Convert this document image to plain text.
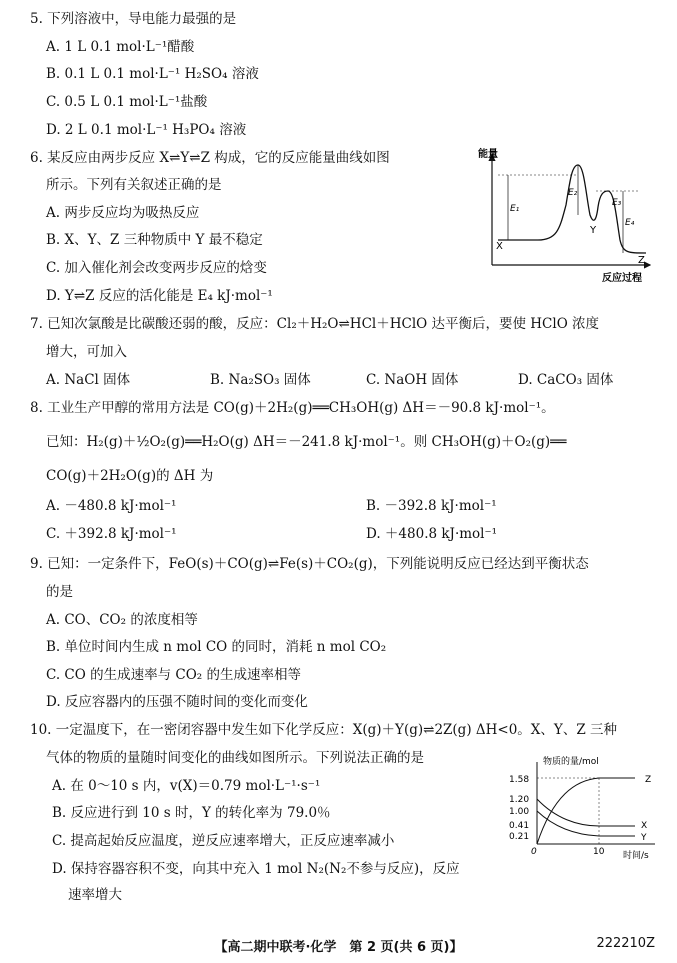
5. 下列溶液中，导电能力最强的是
A. 1 L 0.1 mol·L⁻¹醋酸
B. 0.1 L 0.1 mol·L⁻¹ H₂SO₄ 溶液
C. 0.5 L 0.1 mol·L⁻¹盐酸
D. 2 L 0.1 mol·L⁻¹ H₃PO₄ 溶液
6. 某反应由两步反应 X⇌Y⇌Z 构成，它的反应能量曲线如图
所示。下列有关叙述正确的是
A. 两步反应均为吸热反应
B. X、Y、Z 三种物质中 Y 最不稳定
C. 加入催化剂会改变两步反应的焓变
D. Y⇌Z 反应的活化能是 E₄ kJ·mol⁻¹
能量
反应过程
E₁
E₂
E₃
E₄
X
Y
Z
7. 已知次氯酸是比碳酸还弱的酸，反应：Cl₂＋H₂O⇌HCl＋HClO 达平衡后，要使 HClO 浓度
增大，可加入
A. NaCl 固体	B. Na₂SO₃ 固体	C. NaOH 固体	D. CaCO₃ 固体
8. 工业生产甲醇的常用方法是 CO(g)＋2H₂(g)══CH₃OH(g) ΔH＝－90.8 kJ·mol⁻¹。
已知：H₂(g)＋½O₂(g)══H₂O(g) ΔH＝－241.8 kJ·mol⁻¹。则 CH₃OH(g)＋O₂(g)══
CO(g)＋2H₂O(g)的 ΔH 为
A. －480.8 kJ·mol⁻¹	B. －392.8 kJ·mol⁻¹
C. ＋392.8 kJ·mol⁻¹	D. ＋480.8 kJ·mol⁻¹
9. 已知：一定条件下，FeO(s)＋CO(g)⇌Fe(s)＋CO₂(g)，下列能说明反应已经达到平衡状态
的是
A. CO、CO₂ 的浓度相等
B. 单位时间内生成 n mol CO 的同时，消耗 n mol CO₂
C. CO 的生成速率与 CO₂ 的生成速率相等
D. 反应容器内的压强不随时间的变化而变化
10. 一定温度下，在一密闭容器中发生如下化学反应：X(g)＋Y(g)⇌2Z(g) ΔH<0。X、Y、Z 三种
气体的物质的量随时间变化的曲线如图所示。下列说法正确的是
A. 在 0～10 s 内，v(X)＝0.79 mol·L⁻¹·s⁻¹
B. 反应进行到 10 s 时，Y 的转化率为 79.0％
C. 提高起始反应温度，逆反应速率增大，正反应速率减小
D. 保持容器容积不变，向其中充入 1 mol N₂(N₂不参与反应)，反应
速率增大
物质的量/mol
时间/s
1.58
1.20
1.00
0.41
0.21
0	10
Z
X
Y
【高二期中联考·化学　第 2 页(共 6 页)】	222210Z
